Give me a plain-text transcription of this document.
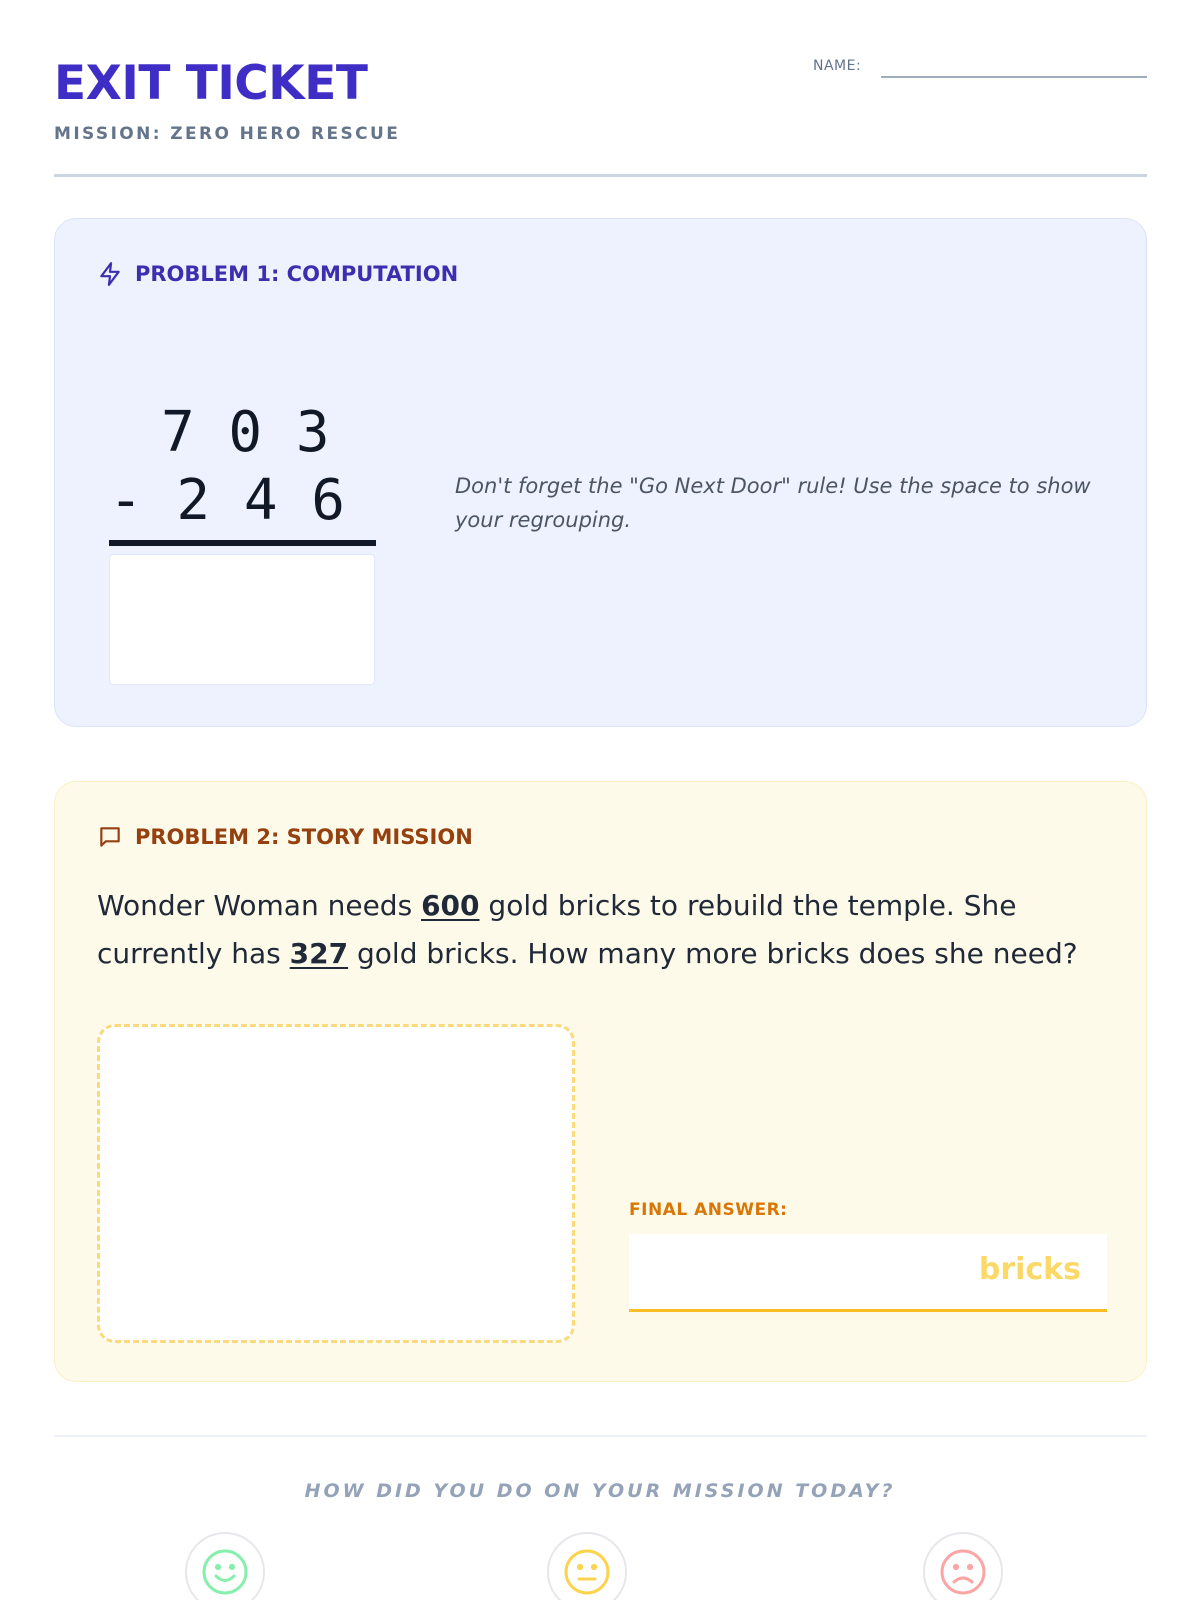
EXIT TICKET
MISSION: ZERO HERO RESCUE
NAME:
PROBLEM 1: COMPUTATION
7 0 3
- 2 4 6	Don't forget the "Go Next Door" rule! Use the space to show your regrouping.
PROBLEM 2: STORY MISSION

Wonder Woman needs 600 gold bricks to rebuild the temple. She currently has 327 gold bricks. How many more bricks does she need?

FINAL ANSWER:
bricks
HOW DID YOU DO ON YOUR MISSION TODAY?
